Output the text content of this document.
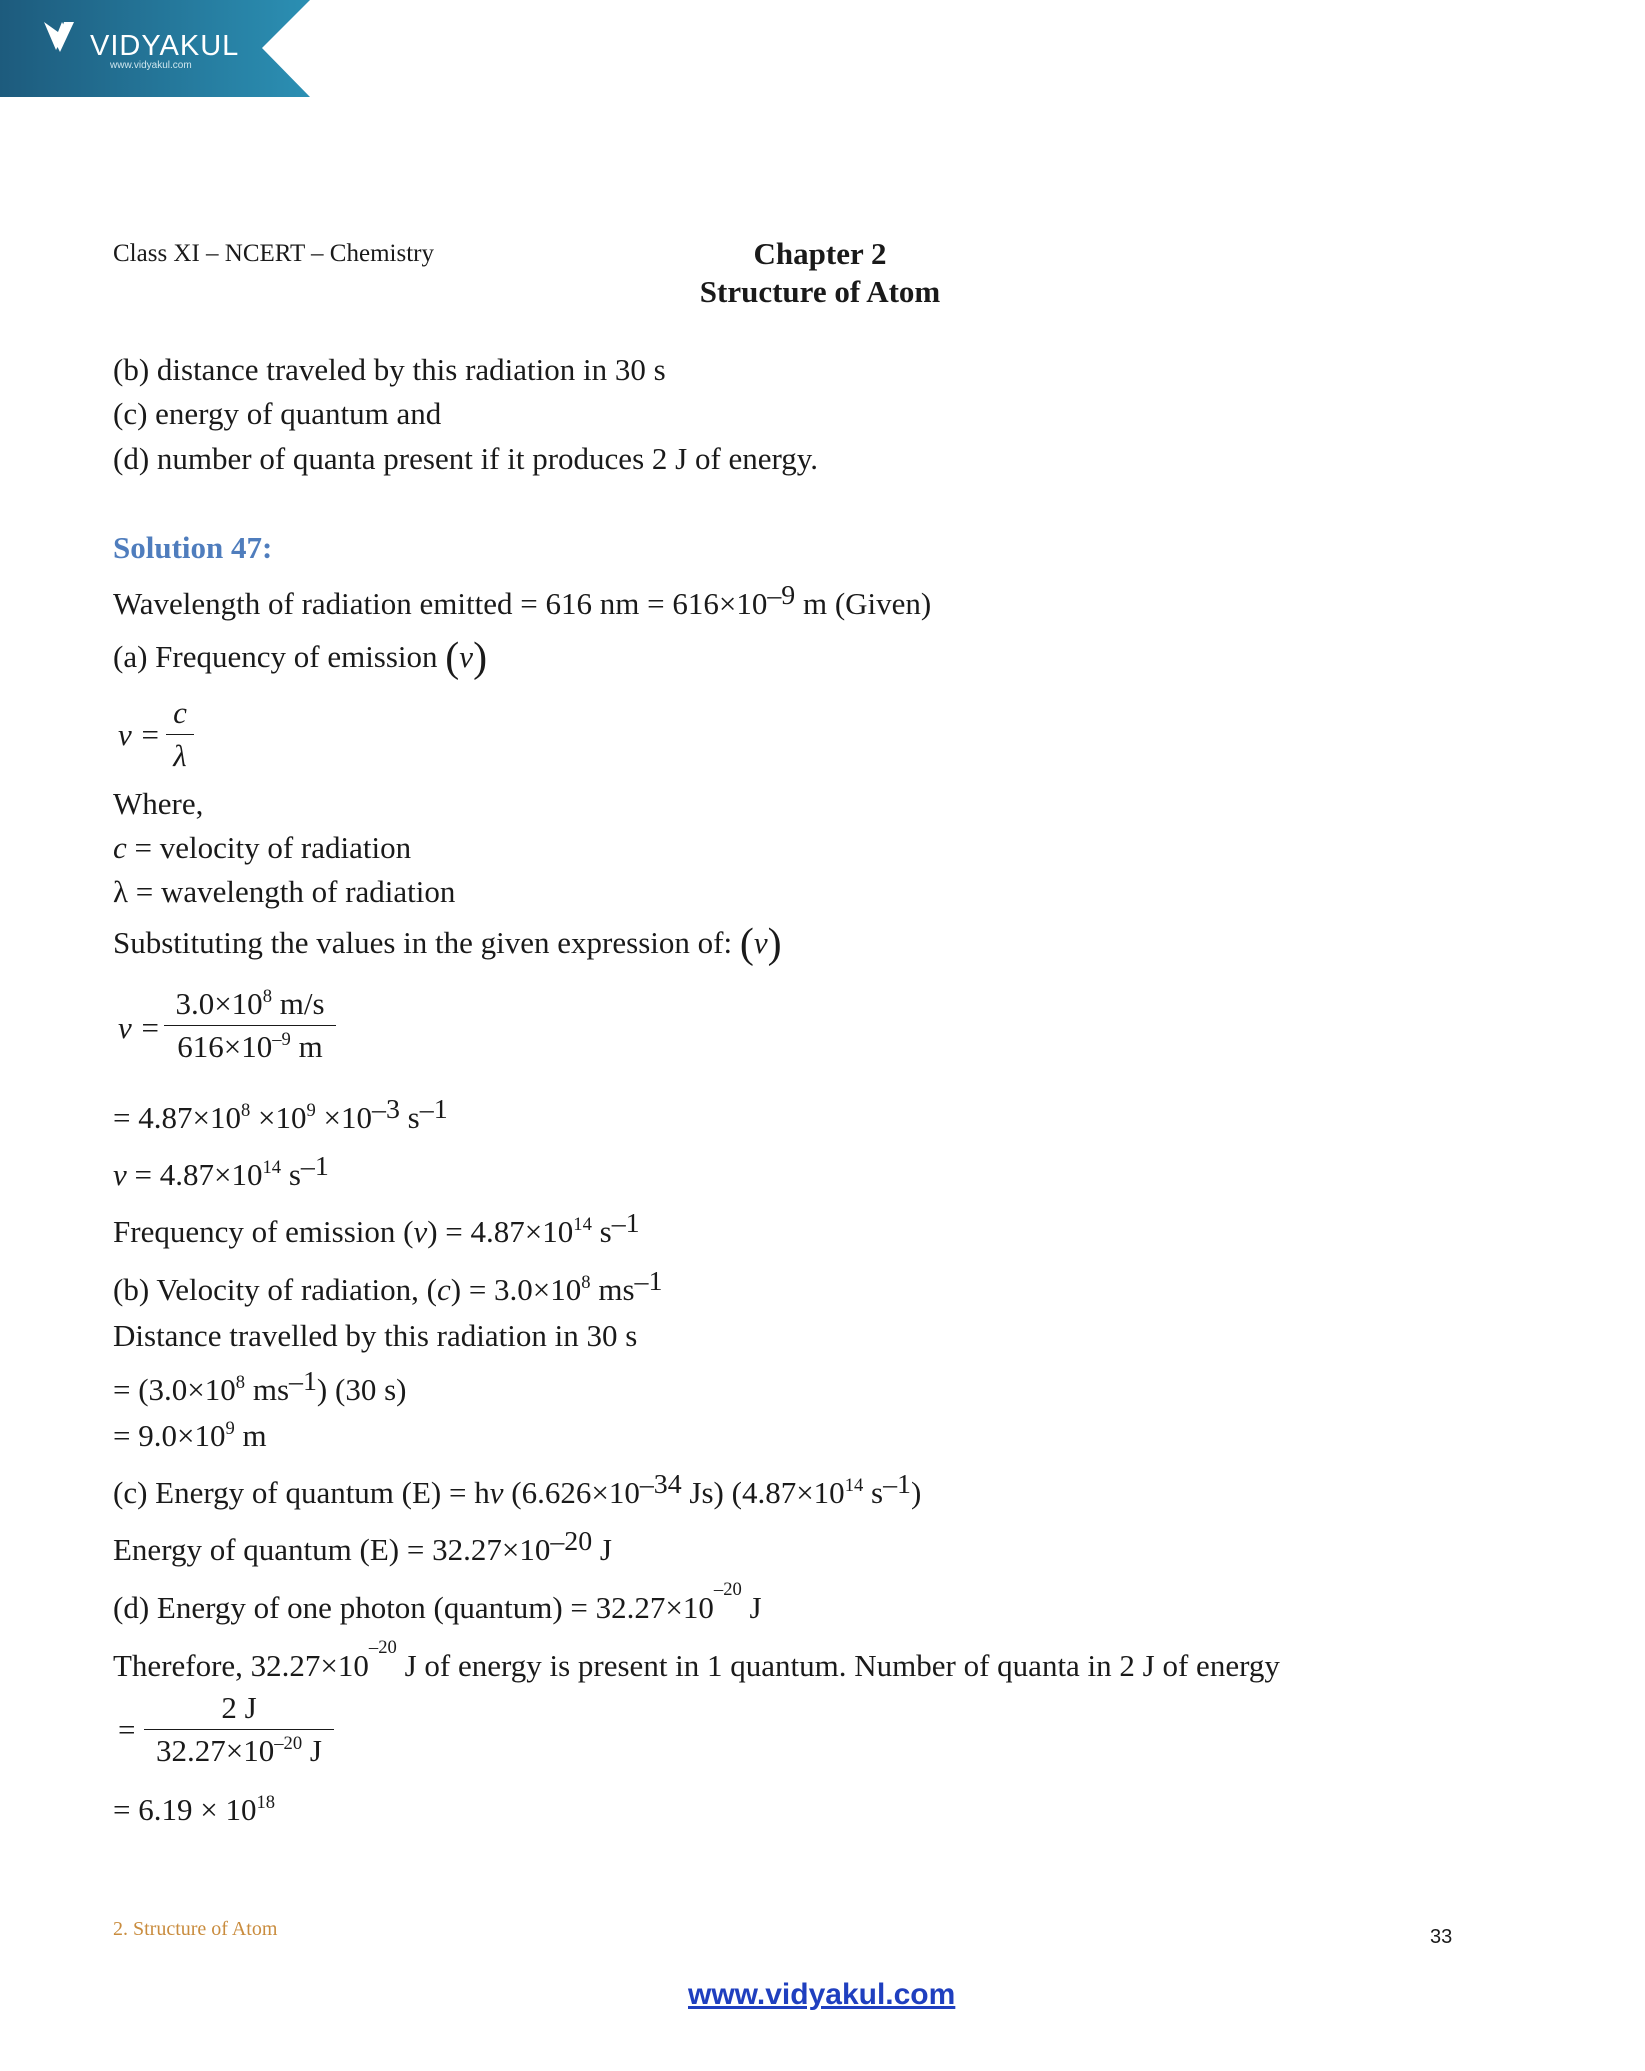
VIDYAKUL
www.vidyakul.com
Class XI – NCERT – Chemistry	Chapter 2
Structure of Atom
(b) distance traveled by this radiation in 30 s
(c) energy of quantum and
(d) number of quanta present if it produces 2 J of energy.
Solution 47:
Wavelength of radiation emitted = 616 nm = 616×10–9 m (Given)
(a) Frequency of emission (v)
v =
c
λ
Where,
c = velocity of radiation
λ = wavelength of radiation
Substituting the values in the given expression of: (v)
v =
$3.0\times 10^8$ m/s
$616\times 10^{-9}$ m
= $4.87\times 10^8 \times 10^9 \times 10-3$ s–1
$v = 4.87\times 10^{14}$ s–1
Frequency of emission $(v) = 4.87\times 10^{14}$ s–1
(b) Velocity of radiation, $(c) = 3.0\times 10^8$ ms–1
Distance travelled by this radiation in 30 s
= ($3.0\times 10^8$ ms–1) (30 s)
= $9.0\times 10^9$ m
(c) Energy of quantum (E) = hv (6.626×10–34 Js) ($4.87\times 10^{14}$ s–1)
Energy of quantum (E) = 32.27×10–20 J
(d) Energy of one photon (quantum) = $32.27\times 10^{-20}$ J
Therefore, $32.27\times 10^{-20}$ J of energy is present in 1 quantum. Number of quanta in 2 J of energy
=
2 J
$32.27\times 10^{-20}$ J
= $6.19 \times 10^{18}$
2. Structure of Atom	33
www.vidyakul.com
